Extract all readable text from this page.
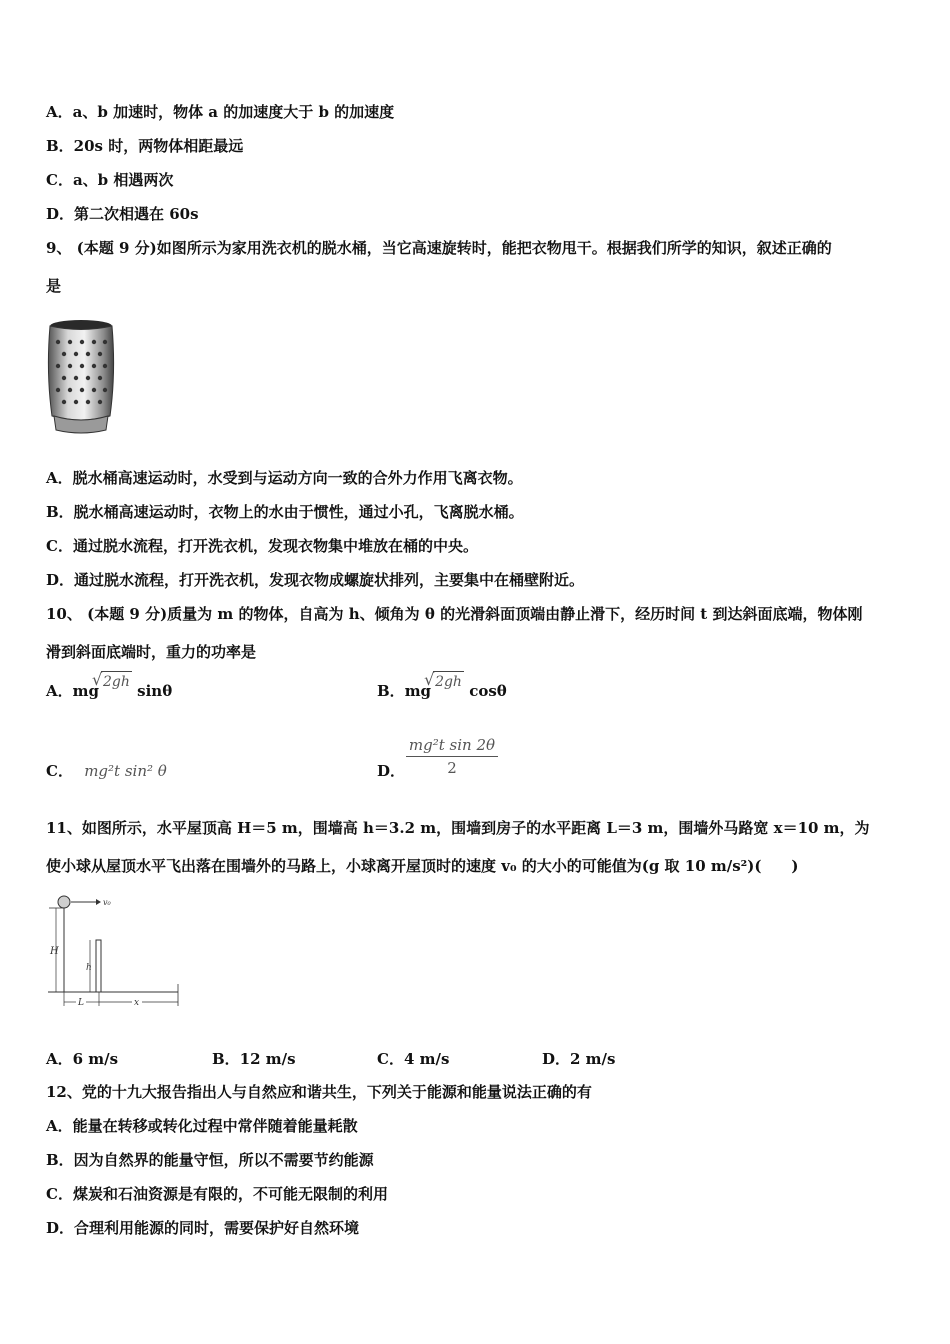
A．a、b 加速时，物体 a 的加速度大于 b 的加速度
B．20s 时，两物体相距最远
C．a、b 相遇两次
D．第二次相遇在 60s
9、 (本题 9 分)如图所示为家用洗衣机的脱水桶，当它高速旋转时，能把衣物甩干。根据我们所学的知识，叙述正确的
是
A．脱水桶高速运动时，水受到与运动方向一致的合外力作用飞离衣物。
B．脱水桶高速运动时，衣物上的水由于惯性，通过小孔，飞离脱水桶。
C．通过脱水流程，打开洗衣机，发现衣物集中堆放在桶的中央。
D．通过脱水流程，打开洗衣机，发现衣物成螺旋状排列，主要集中在桶壁附近。
10、 (本题 9 分)质量为 m 的物体，自高为 h、倾角为 θ 的光滑斜面顶端由静止滑下，经历时间 t 到达斜面底端，物体刚
滑到斜面底端时，重力的功率是
A．mg
√ 2gh sinθ	B．mg
√ 2gh cosθ
C． mg²t sin² θ	D． $\frac{\text{mg²t sin 2θ}}{2}$
11、如图所示，水平屋顶高 H＝5 m，围墙高 h＝3.2 m，围墙到房子的水平距离 L＝3 m，围墙外马路宽 x＝10 m，为
使小球从屋顶水平飞出落在围墙外的马路上，小球离开屋顶时的速度 v₀ 的大小的可能值为(g 取 10 m/s²)(　　)
v₀
H
h
L	x
A．6 m/s	B．12 m/s	C．4 m/s	D．2 m/s
12、党的十九大报告指出人与自然应和谐共生，下列关于能源和能量说法正确的有
A．能量在转移或转化过程中常伴随着能量耗散
B．因为自然界的能量守恒，所以不需要节约能源
C．煤炭和石油资源是有限的，不可能无限制的利用
D．合理利用能源的同时，需要保护好自然环境
